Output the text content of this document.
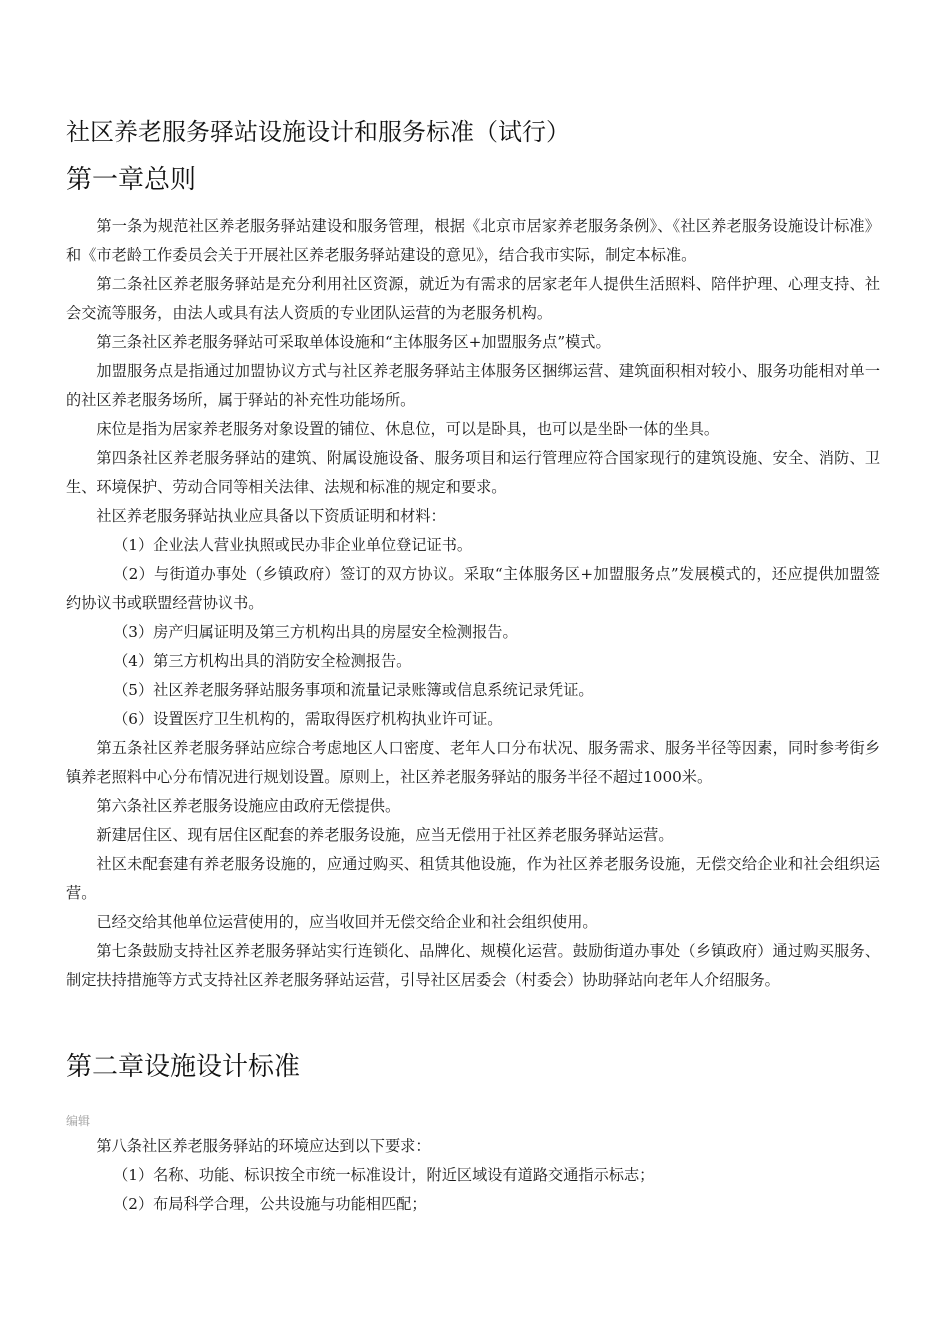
社区养老服务驿站设施设计和服务标准（试行）
第一章总则

第一条为规范社区养老服务驿站建设和服务管理，根据《北京市居家养老服务条例》、《社区养老服务设施设计标准》和《市老龄工作委员会关于开展社区养老服务驿站建设的意见》，结合我市实际，制定本标准。

第二条社区养老服务驿站是充分利用社区资源，就近为有需求的居家老年人提供生活照料、陪伴护理、心理支持、社会交流等服务，由法人或具有法人资质的专业团队运营的为老服务机构。

第三条社区养老服务驿站可采取单体设施和“主体服务区+加盟服务点”模式。

加盟服务点是指通过加盟协议方式与社区养老服务驿站主体服务区捆绑运营、建筑面积相对较小、服务功能相对单一的社区养老服务场所，属于驿站的补充性功能场所。

床位是指为居家养老服务对象设置的铺位、休息位，可以是卧具，也可以是坐卧一体的坐具。

第四条社区养老服务驿站的建筑、附属设施设备、服务项目和运行管理应符合国家现行的建筑设施、安全、消防、卫生、环境保护、劳动合同等相关法律、法规和标准的规定和要求。

社区养老服务驿站执业应具备以下资质证明和材料：

（1）企业法人营业执照或民办非企业单位登记证书。

（2）与街道办事处（乡镇政府）签订的双方协议。采取“主体服务区+加盟服务点”发展模式的，还应提供加盟签约协议书或联盟经营协议书。

（3）房产归属证明及第三方机构出具的房屋安全检测报告。

（4）第三方机构出具的消防安全检测报告。

（5）社区养老服务驿站服务事项和流量记录账簿或信息系统记录凭证。

（6）设置医疗卫生机构的，需取得医疗机构执业许可证。

第五条社区养老服务驿站应综合考虑地区人口密度、老年人口分布状况、服务需求、服务半径等因素，同时参考街乡镇养老照料中心分布情况进行规划设置。原则上，社区养老服务驿站的服务半径不超过1000米。

第六条社区养老服务设施应由政府无偿提供。

新建居住区、现有居住区配套的养老服务设施，应当无偿用于社区养老服务驿站运营。

社区未配套建有养老服务设施的，应通过购买、租赁其他设施，作为社区养老服务设施，无偿交给企业和社会组织运营。

已经交给其他单位运营使用的，应当收回并无偿交给企业和社会组织使用。

第七条鼓励支持社区养老服务驿站实行连锁化、品牌化、规模化运营。鼓励街道办事处（乡镇政府）通过购买服务、制定扶持措施等方式支持社区养老服务驿站运营，引导社区居委会（村委会）协助驿站向老年人介绍服务。

第二章设施设计标准
编辑

第八条社区养老服务驿站的环境应达到以下要求：

（1）名称、功能、标识按全市统一标准设计，附近区域设有道路交通指示标志；

（2）布局科学合理，公共设施与功能相匹配；
